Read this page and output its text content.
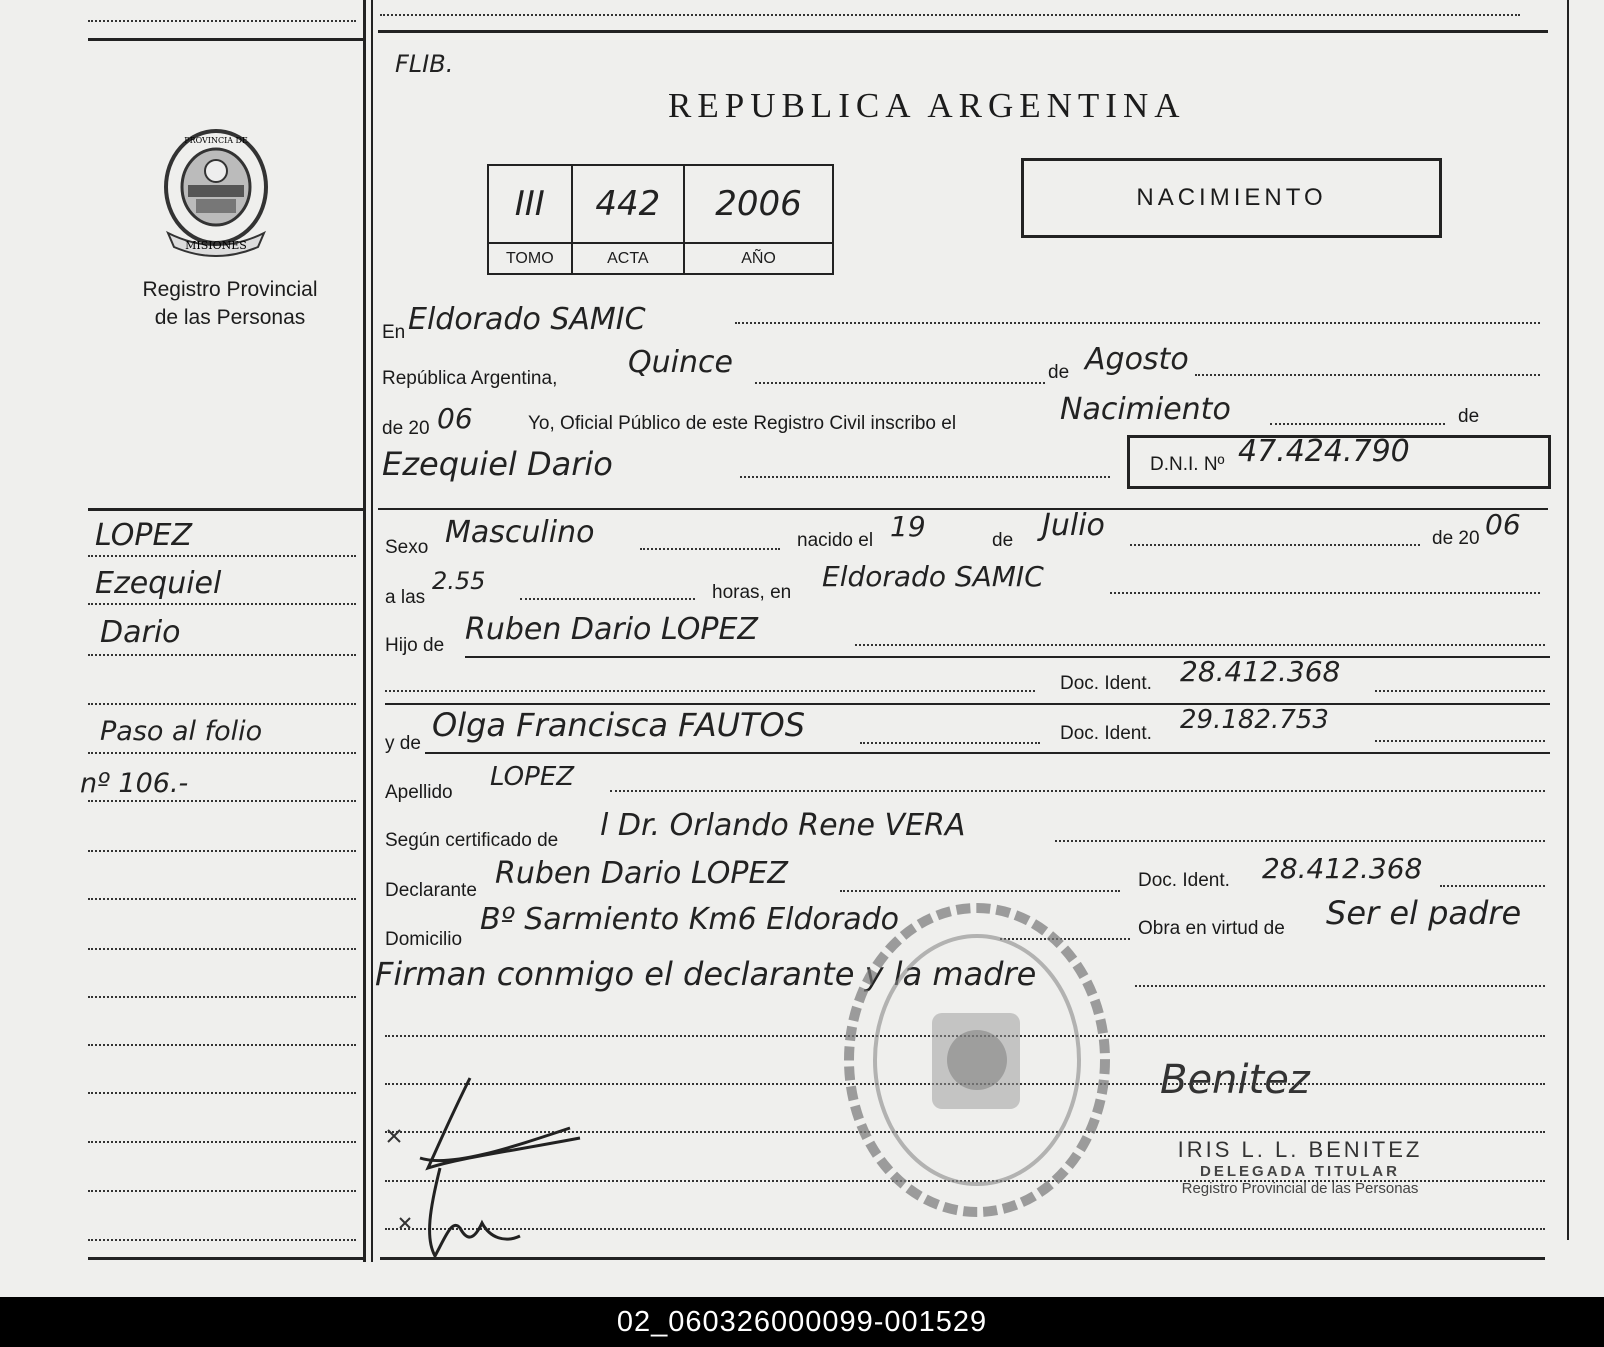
MISIONES
PROVINCIA DE
Registro Provincial
de las Personas
LOPEZ
Ezequiel
Dario
Paso al folio
nº 106.-
FLIB.
REPUBLICA ARGENTINA
III	442	2006
TOMO	ACTA	AÑO
NACIMIENTO
En Eldorado SAMIC
República Argentina, Quince	de Agosto
de 20 06	Yo, Oficial Público de este Registro Civil inscribo el	Nacimiento	de
Ezequiel Dario	D.N.I. Nº 47.424.790
Sexo Masculino	nacido el 19	de Julio	de 20 06
a las
2.55	horas, en Eldorado SAMIC
Hijo de Ruben Dario LOPEZ
Doc. Ident. 28.412.368
y de Olga Francisca FAUTOS	Doc. Ident. 29.182.753
Apellido
LOPEZ
Según certificado de l Dr. Orlando Rene VERA
Declarante Ruben Dario LOPEZ	Doc. Ident. 28.412.368
Domicilio
Bº Sarmiento Km6 Eldorado	Obra en virtud de Ser el padre
Firman conmigo el declarante y la madre
Benitez
IRIS L. L. BENITEZ
DELEGADA TITULAR
Registro Provincial de las Personas
02_060326000099-001529
